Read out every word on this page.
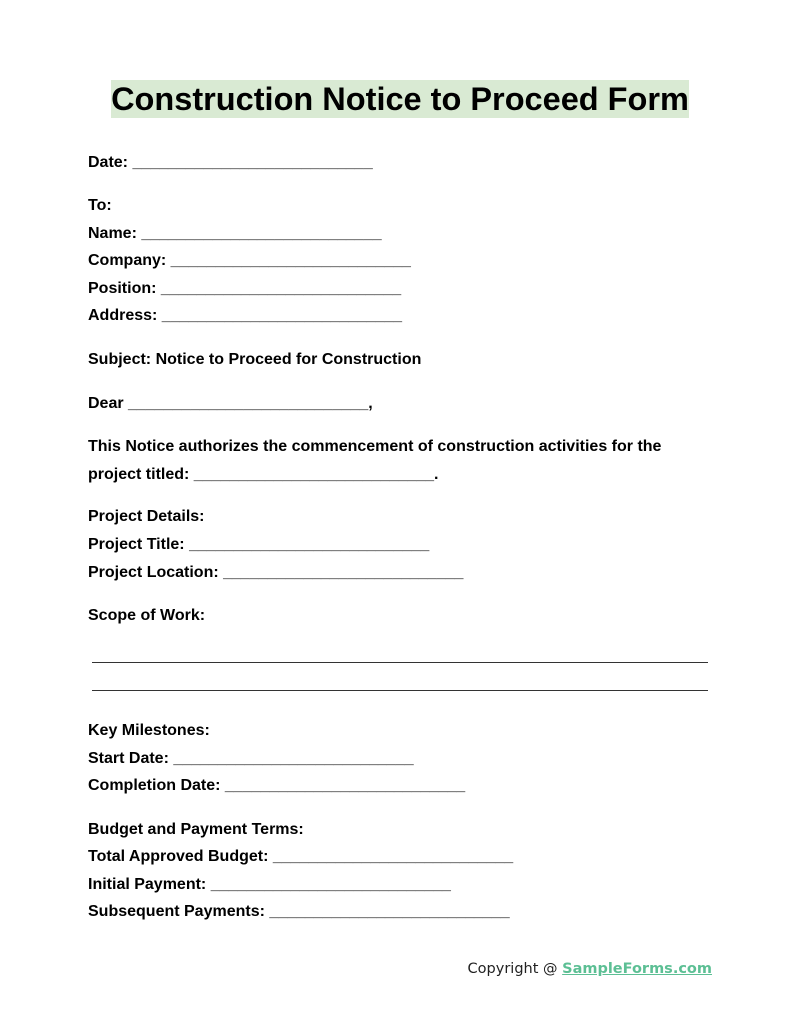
Construction Notice to Proceed Form
Date: ___________________________
To:
Name: ___________________________
Company: ___________________________
Position: ___________________________
Address: ___________________________
Subject: Notice to Proceed for Construction
Dear ___________________________,
This Notice authorizes the commencement of construction activities for the
project titled: ___________________________.
Project Details:
Project Title: ___________________________
Project Location: ___________________________
Scope of Work:
Key Milestones:
Start Date: ___________________________
Completion Date: ___________________________
Budget and Payment Terms:
Total Approved Budget: ___________________________
Initial Payment: ___________________________
Subsequent Payments: ___________________________
Copyright @ SampleForms.com
